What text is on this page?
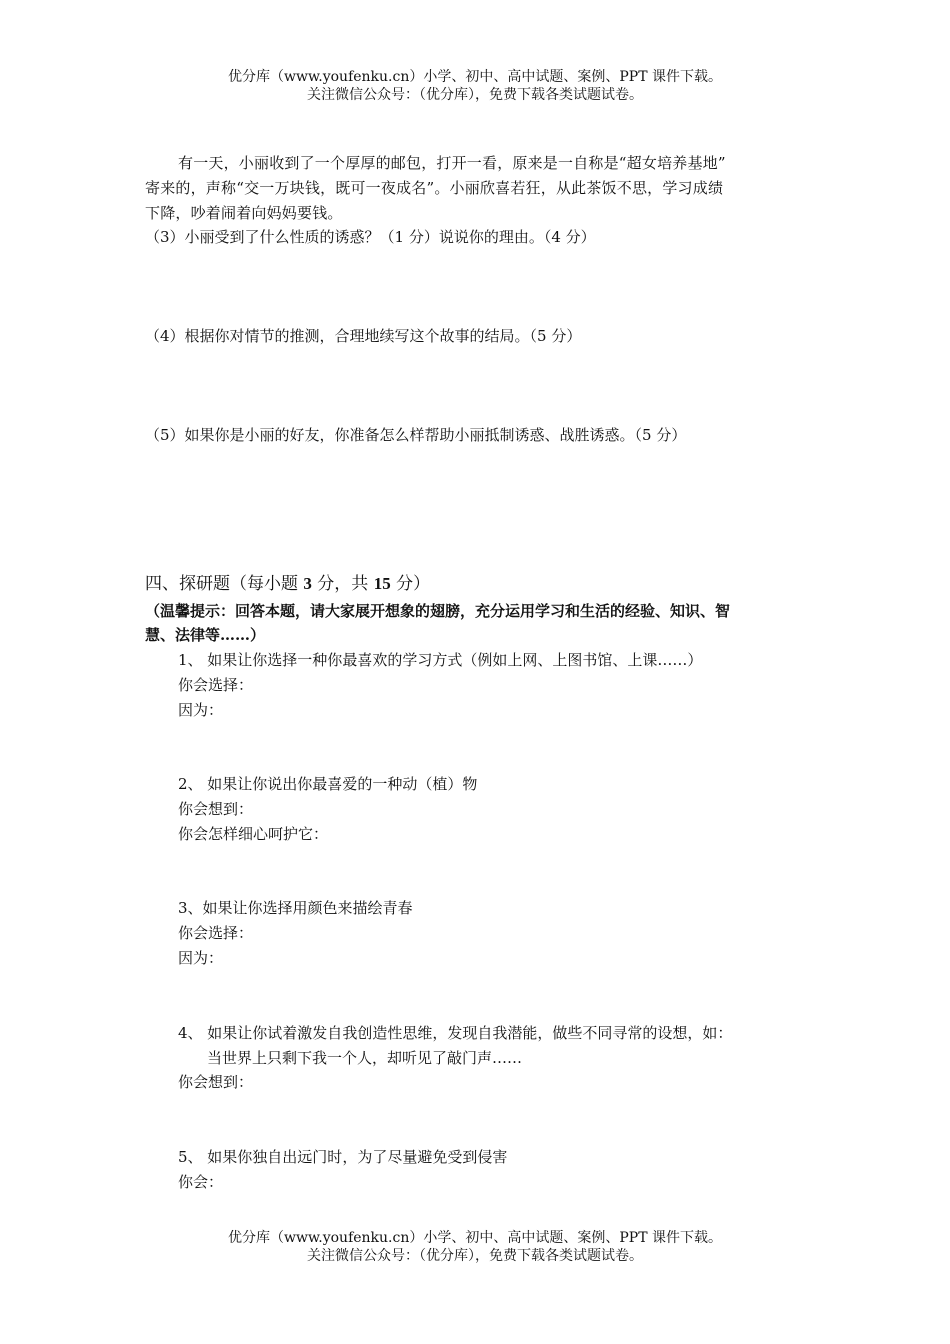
优分库（www.youfenku.cn）小学、初中、高中试题、案例、PPT 课件下载。
关注微信公众号：（优分库），免费下载各类试题试卷。
有一天，小丽收到了一个厚厚的邮包，打开一看，原来是一自称是“超女培养基地”
寄来的，声称“交一万块钱，既可一夜成名”。小丽欣喜若狂，从此茶饭不思，学习成绩
下降，吵着闹着向妈妈要钱。
（3）小丽受到了什么性质的诱惑？（1 分）说说你的理由。（4 分）
（4）根据你对情节的推测，合理地续写这个故事的结局。（5 分）
（5）如果你是小丽的好友，你准备怎么样帮助小丽抵制诱惑、战胜诱惑。（5 分）
四、探研题（每小题 3 分，共 15 分）
（温馨提示：回答本题，请大家展开想象的翅膀，充分运用学习和生活的经验、知识、智
慧、法律等……）
1、 如果让你选择一种你最喜欢的学习方式（例如上网、上图书馆、上课……）
你会选择：
因为：
2、 如果让你说出你最喜爱的一种动（植）物
你会想到：
你会怎样细心呵护它：
3、如果让你选择用颜色来描绘青春
你会选择：
因为：
4、 如果让你试着激发自我创造性思维，发现自我潜能，做些不同寻常的设想，如：
当世界上只剩下我一个人，却听见了敲门声……
你会想到：
5、 如果你独自出远门时，为了尽量避免受到侵害
你会：
优分库（www.youfenku.cn）小学、初中、高中试题、案例、PPT 课件下载。
关注微信公众号：（优分库），免费下载各类试题试卷。
